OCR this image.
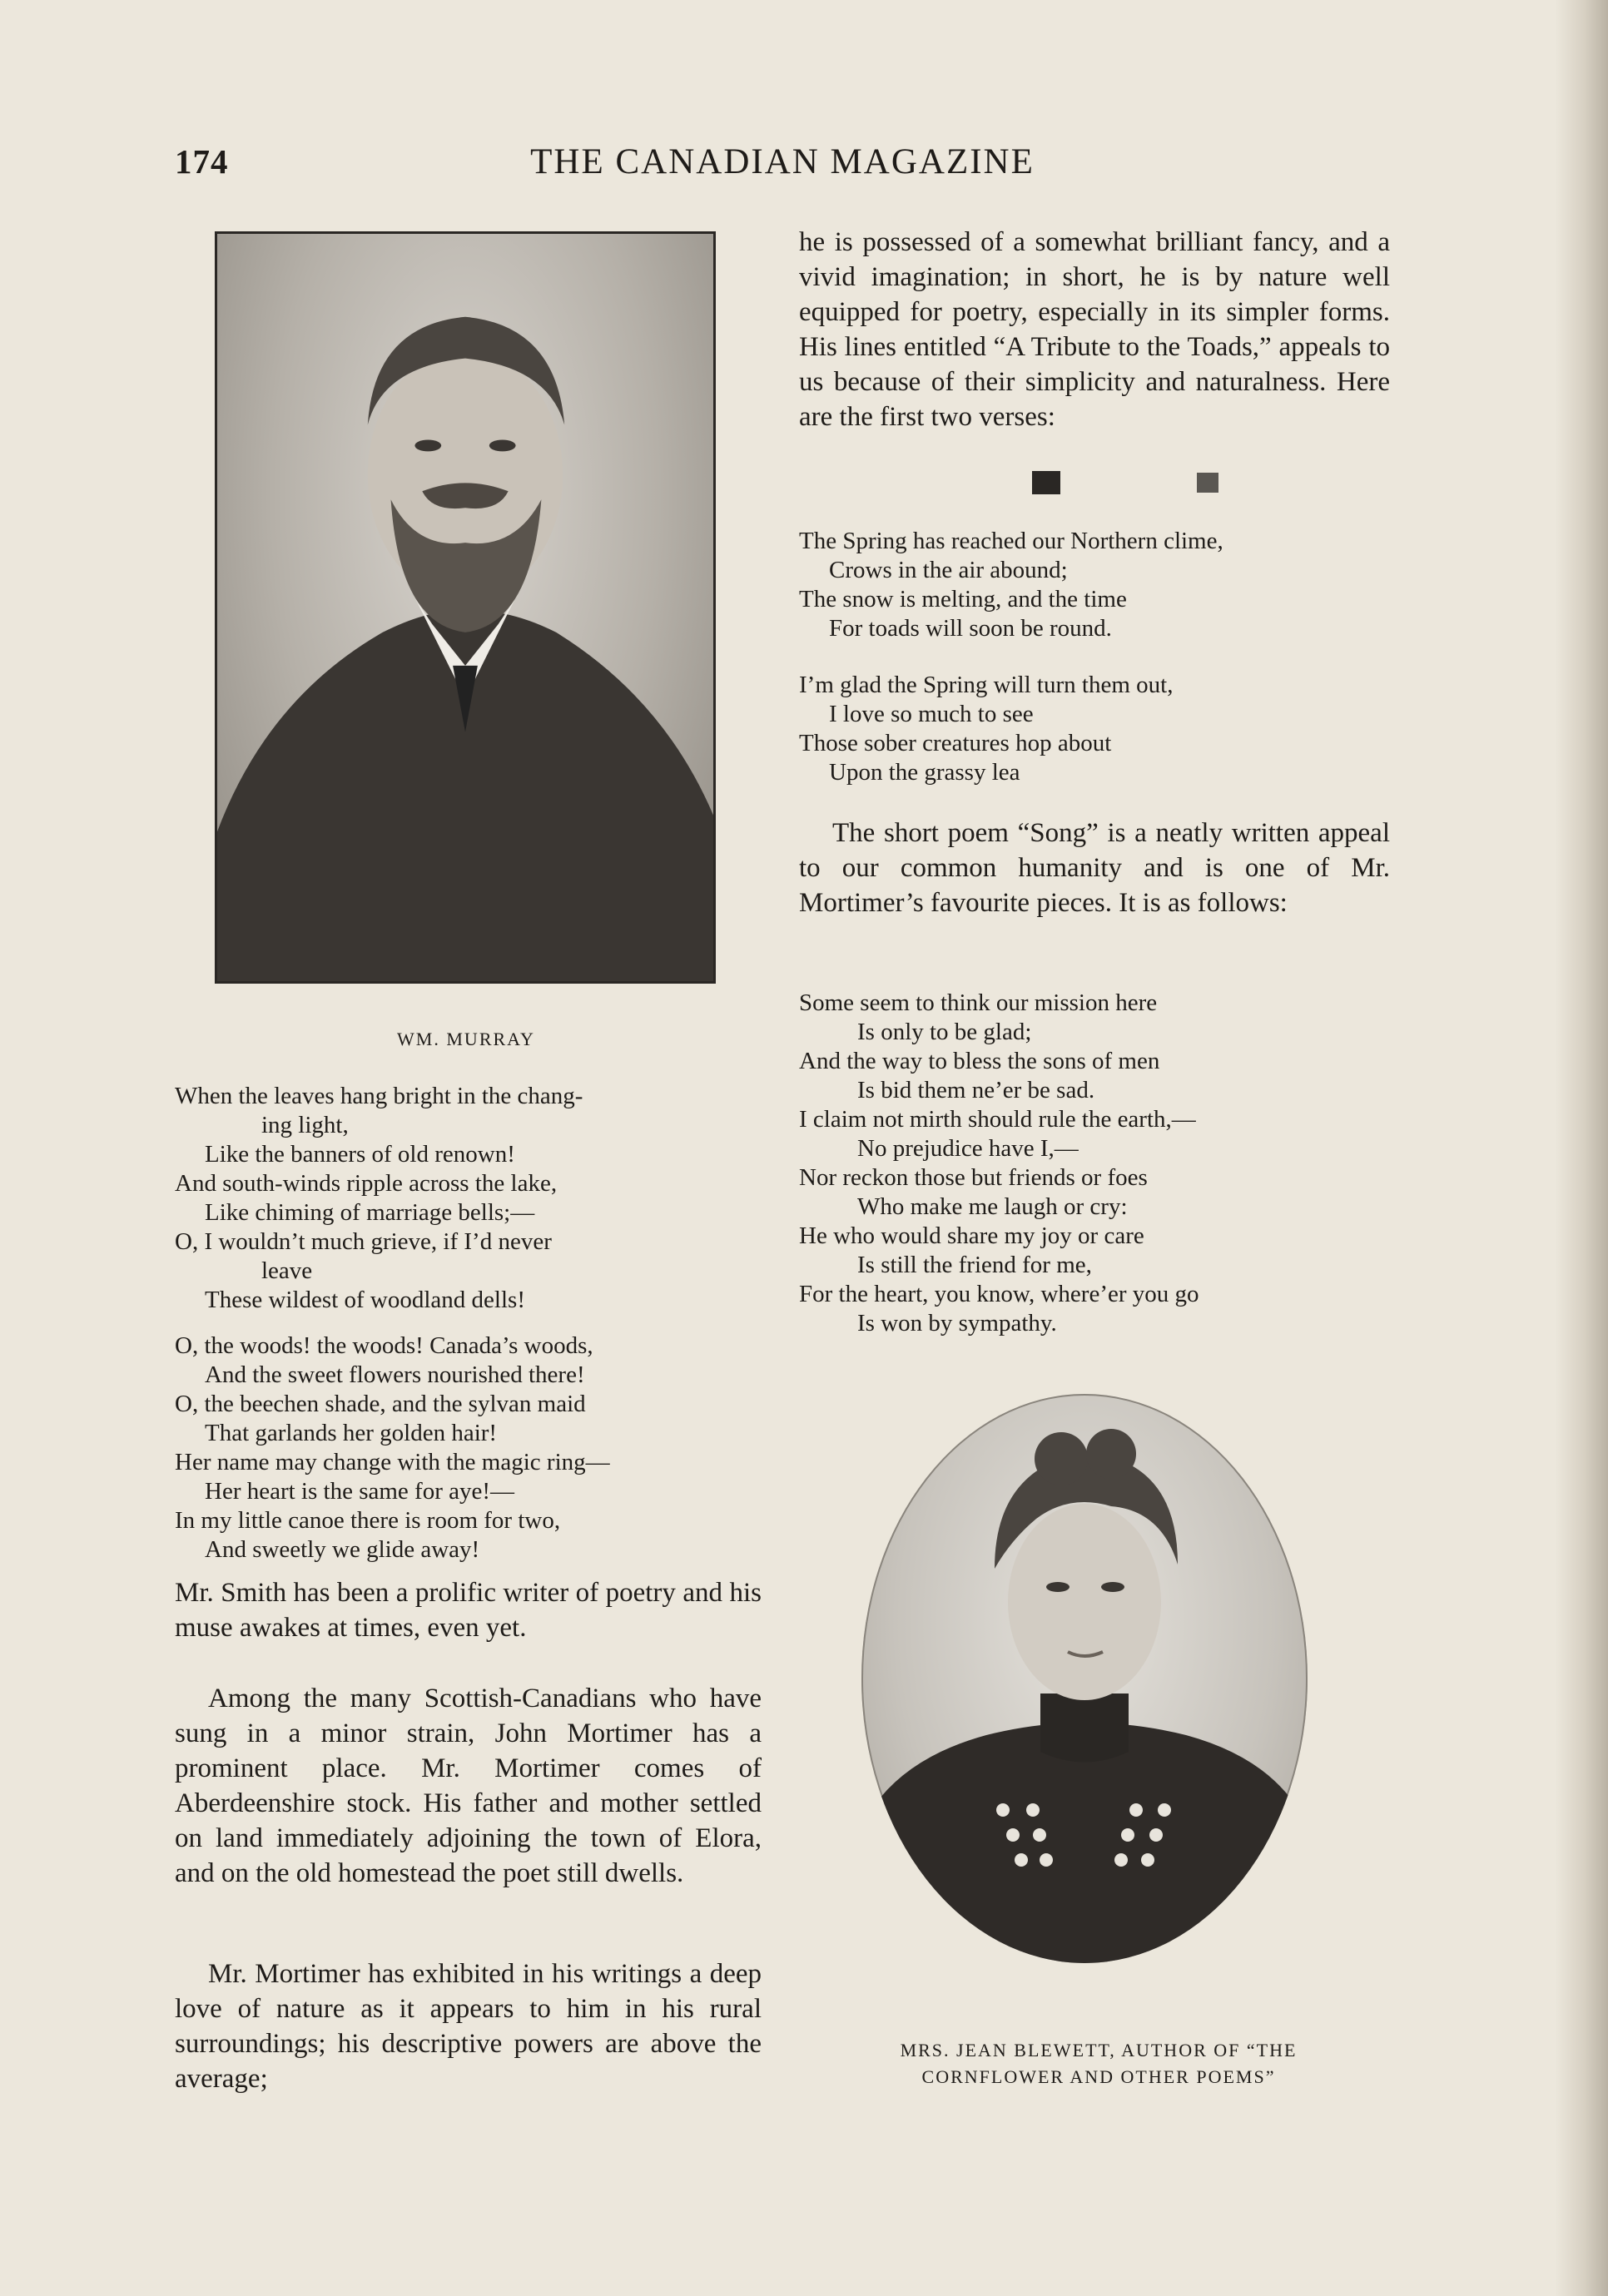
174	THE CANADIAN MAGAZINE
WM. MURRAY
When the leaves hang bright in the chang-
ing light,
Like the banners of old renown!
And south-winds ripple across the lake,
Like chiming of marriage bells;—
O, I wouldn’t much grieve, if I’d never
leave
These wildest of woodland dells!
O, the woods! the woods! Canada’s woods,
And the sweet flowers nourished there!
O, the beechen shade, and the sylvan maid
That garlands her golden hair!
Her name may change with the magic ring—
Her heart is the same for aye!—
In my little canoe there is room for two,
And sweetly we glide away!

Mr. Smith has been a prolific writer of poetry and his muse awakes at times, even yet.

Among the many Scottish-Canadians who have sung in a minor strain, John Mortimer has a prominent place. Mr. Mortimer comes of Aberdeenshire stock. His father and mother settled on land immediately adjoining the town of Elora, and on the old homestead the poet still dwells.

Mr. Mortimer has exhibited in his writings a deep love of nature as it appears to him in his rural surroundings; his descriptive powers are above the average;

he is possessed of a somewhat brilliant fancy, and a vivid imagination; in short, he is by nature well equipped for poetry, especially in its simpler forms. His lines entitled “A Tribute to the Toads,” appeals to us because of their simplicity and naturalness. Here are the first two verses:

The Spring has reached our Northern clime,
Crows in the air abound;
The snow is melting, and the time
For toads will soon be round.
I’m glad the Spring will turn them out,
I love so much to see
Those sober creatures hop about
Upon the grassy lea

The short poem “Song” is a neatly written appeal to our common humanity and is one of Mr. Mortimer’s favourite pieces. It is as follows:

Some seem to think our mission here
Is only to be glad;
And the way to bless the sons of men
Is bid them ne’er be sad.
I claim not mirth should rule the earth,—
No prejudice have I,—
Nor reckon those but friends or foes
Who make me laugh or cry:
He who would share my joy or care
Is still the friend for me,
For the heart, you know, where’er you go
Is won by sympathy.
MRS. JEAN BLEWETT, AUTHOR OF “THE
CORNFLOWER AND OTHER POEMS”
